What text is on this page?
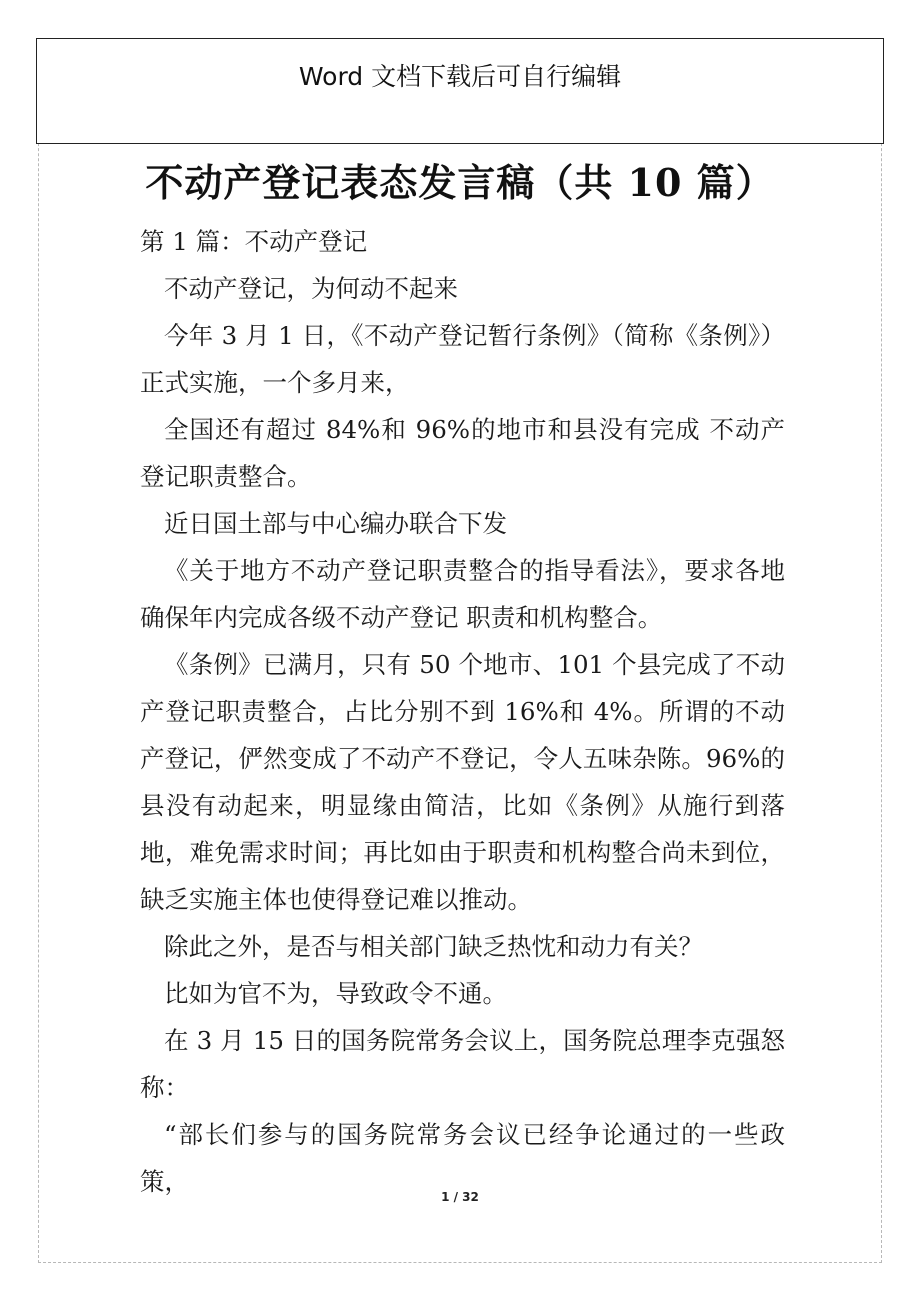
Word 文档下载后可自行编辑
不动产登记表态发言稿（共 10 篇）

第 1 篇：不动产登记

不动产登记，为何动不起来

今年 3 月 1 日，《不动产登记暂行条例》（简称《条例》）正式实施，一个多月来，

全国还有超过 84%和 96%的地市和县没有完成 不动产登记职责整合。

近日国土部与中心编办联合下发

《关于地方不动产登记职责整合的指导看法》，要求各地确保年内完成各级不动产登记 职责和机构整合。

《条例》已满月，只有 50 个地市、101 个县完成了不动产登记职责整合，占比分别不到 16%和 4%。所谓的不动产登记，俨然变成了不动产不登记，令人五味杂陈。96%的县没有动起来，明显缘由简洁，比如《条例》从施行到落地，难免需求时间；再比如由于职责和机构整合尚未到位，缺乏实施主体也使得登记难以推动。

除此之外，是否与相关部门缺乏热忱和动力有关？

比如为官不为，导致政令不通。

在 3 月 15 日的国务院常务会议上，国务院总理李克强怒称：

“部长们参与的国务院常务会议已经争论通过的一些政策，

1 / 32
